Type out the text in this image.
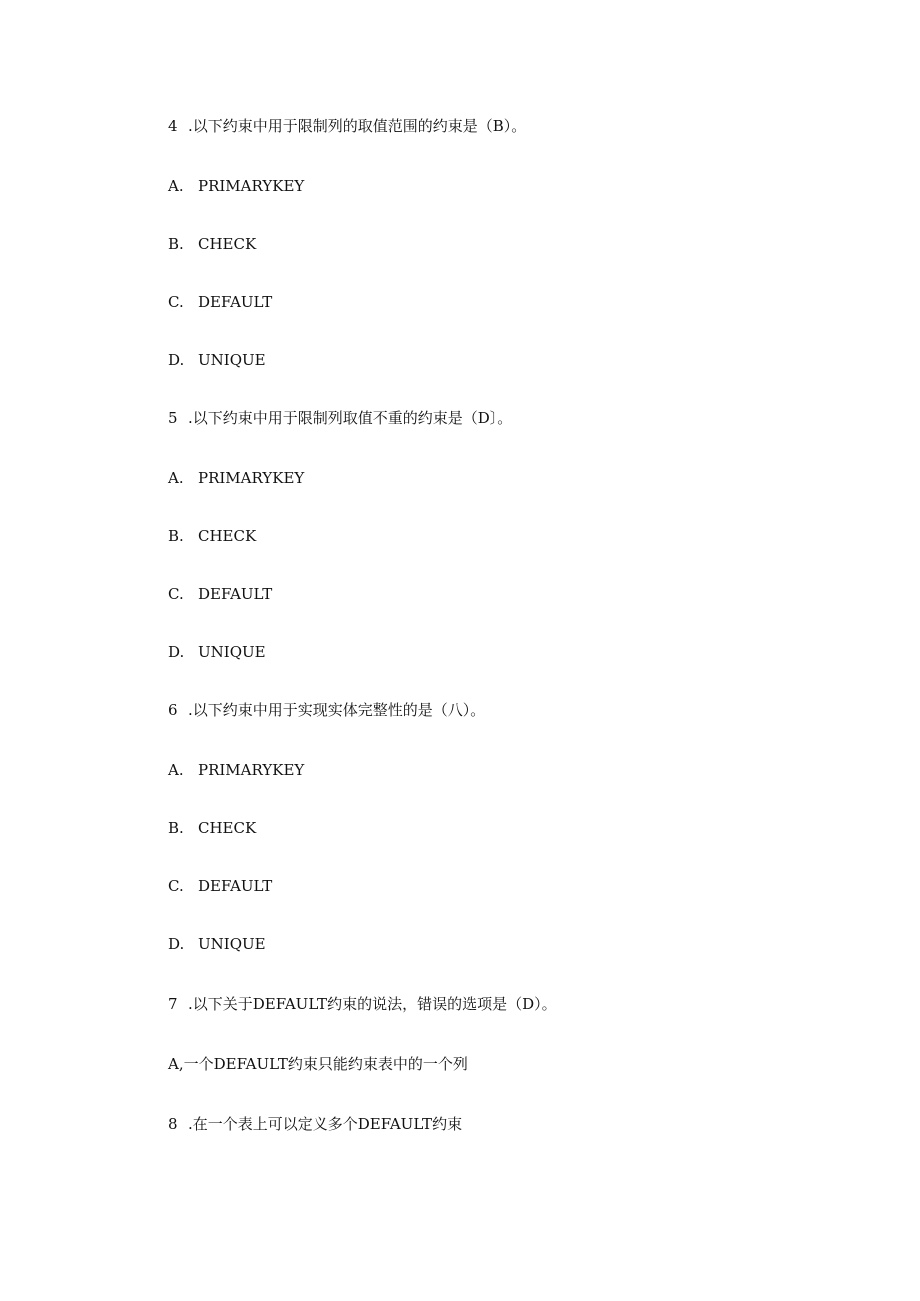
4 .以下约束中用于限制列的取值范围的约束是（B）。
A. PRIMARYKEY
B. CHECK
C. DEFAULT
D. UNIQUE
5 .以下约束中用于限制列取值不重的约束是（D〕。
A. PRIMARYKEY
B. CHECK
C. DEFAULT
D. UNIQUE
6 .以下约束中用于实现实体完整性的是（八）。
A. PRIMARYKEY
B. CHECK
C. DEFAULT
D. UNIQUE
7 .以下关于DEFAULT约束的说法，错误的选项是（D）。
A,一个DEFAULT约束只能约束表中的一个列
8 .在一个表上可以定义多个DEFAULT约束
